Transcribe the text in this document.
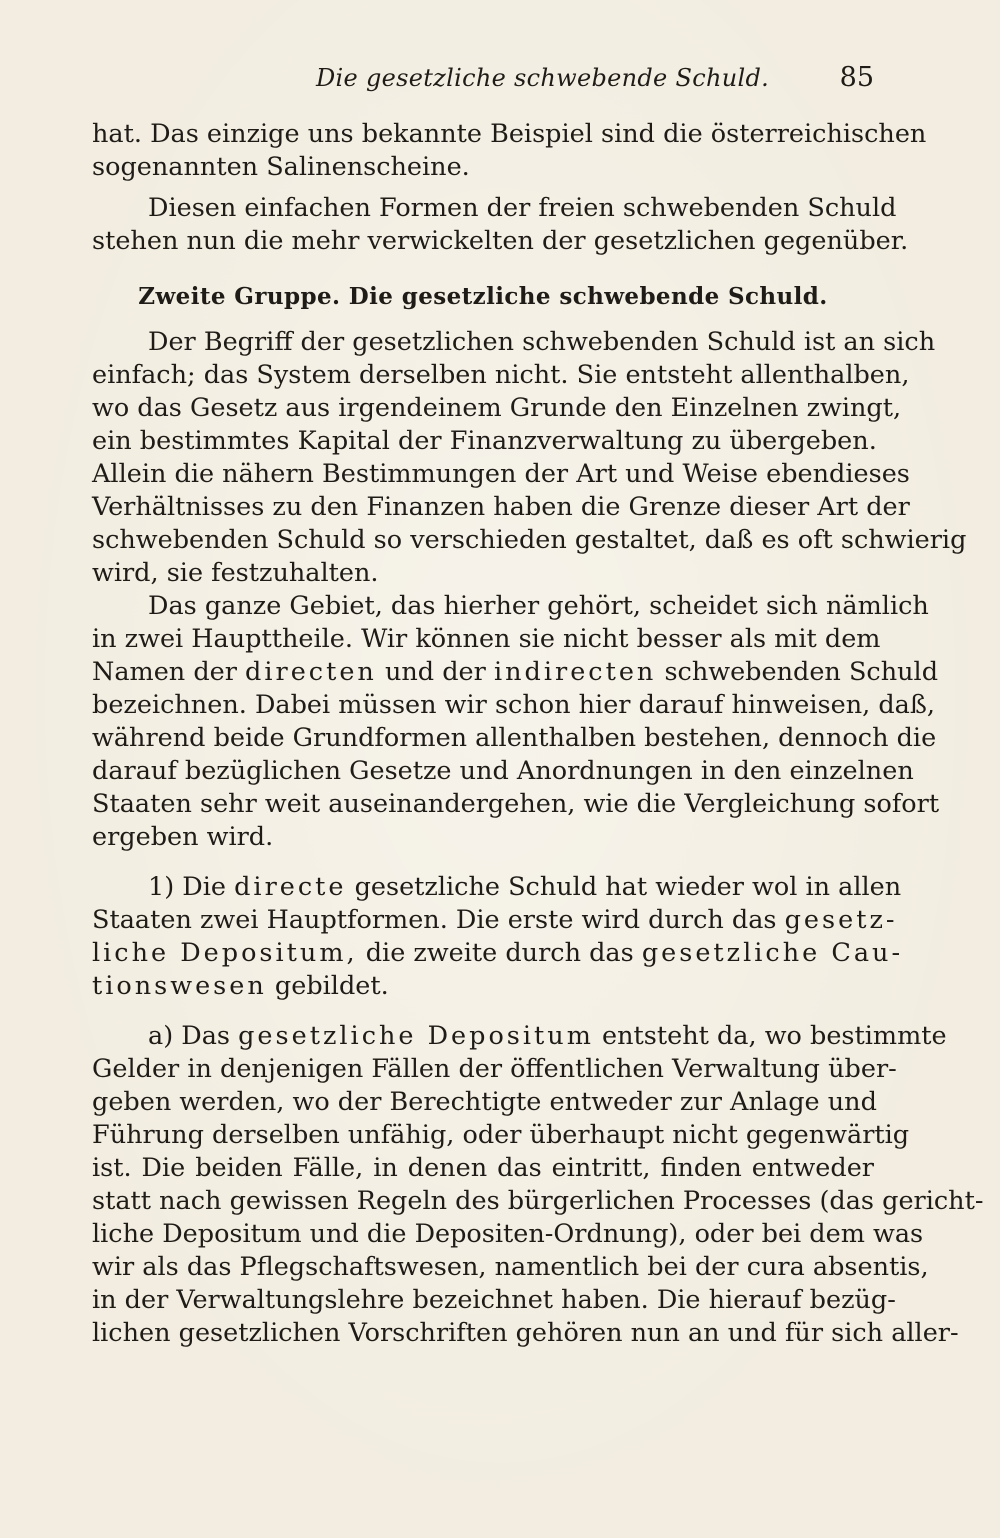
Die gesetzliche schwebende Schuld.	85
hat. Das einzige uns bekannte Beispiel sind die österreichischen
sogenannten Salinenscheine.
Diesen einfachen Formen der freien schwebenden Schuld
stehen nun die mehr verwickelten der gesetzlichen gegenüber.
Zweite Gruppe. Die gesetzliche schwebende Schuld.
Der Begriff der gesetzlichen schwebenden Schuld ist an sich
einfach; das System derselben nicht. Sie entsteht allenthalben,
wo das Gesetz aus irgendeinem Grunde den Einzelnen zwingt,
ein bestimmtes Kapital der Finanzverwaltung zu übergeben.
Allein die nähern Bestimmungen der Art und Weise ebendieses
Verhältnisses zu den Finanzen haben die Grenze dieser Art der
schwebenden Schuld so verschieden gestaltet, daß es oft schwierig
wird, sie festzuhalten.
Das ganze Gebiet, das hierher gehört, scheidet sich nämlich
in zwei Haupttheile. Wir können sie nicht besser als mit dem
Namen der directen und der indirecten schwebenden Schuld
bezeichnen. Dabei müssen wir schon hier darauf hinweisen, daß,
während beide Grundformen allenthalben bestehen, dennoch die
darauf bezüglichen Gesetze und Anordnungen in den einzelnen
Staaten sehr weit auseinandergehen, wie die Vergleichung sofort
ergeben wird.
1) Die directe gesetzliche Schuld hat wieder wol in allen
Staaten zwei Hauptformen. Die erste wird durch das gesetz-
liche Depositum, die zweite durch das gesetzliche Cau-
tionswesen gebildet.
a) Das gesetzliche Depositum entsteht da, wo bestimmte
Gelder in denjenigen Fällen der öffentlichen Verwaltung über-
geben werden, wo der Berechtigte entweder zur Anlage und
Führung derselben unfähig, oder überhaupt nicht gegenwärtig
ist. Die beiden Fälle, in denen das eintritt, finden entweder
statt nach gewissen Regeln des bürgerlichen Processes (das gericht-
liche Depositum und die Depositen-Ordnung), oder bei dem was
wir als das Pflegschaftswesen, namentlich bei der cura absentis,
in der Verwaltungslehre bezeichnet haben. Die hierauf bezüg-
lichen gesetzlichen Vorschriften gehören nun an und für sich aller-
